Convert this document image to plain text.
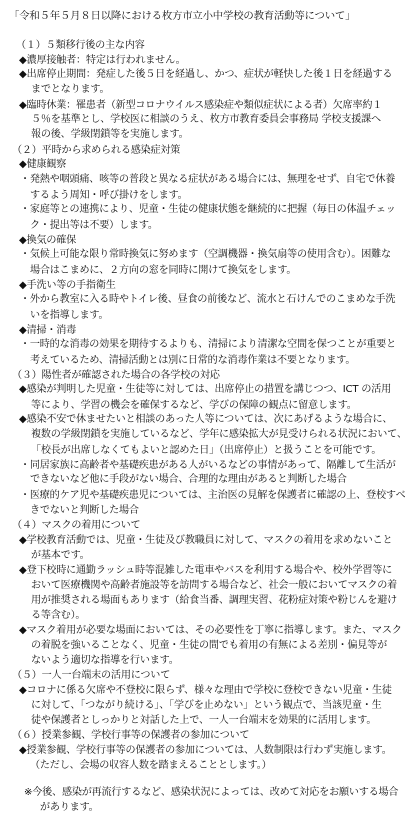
「令和５年５月８日以降における枚方市立小中学校の教育活動等について」
（１）５類移行後の主な内容
◆濃厚接触者：特定は行われません。
◆出席停止期間：発症した後５日を経過し、かつ、症状が軽快した後１日を経過する
までとなります。
◆臨時休業：罹患者（新型コロナウイルス感染症や類似症状による者）欠席率約１
５％を基準とし、学校医に相談のうえ、枚方市教育委員会事務局 学校支援課へ
報の後、学級閉鎖等を実施します。
（２）平時から求められる感染症対策
◆健康観察
・発熱や咽頭痛、咳等の普段と異なる症状がある場合には、無理をせず、自宅で休養
するよう周知・呼び掛けをします。
・家庭等との連携により、児童・生徒の健康状態を継続的に把握（毎日の体温チェッ
ク・提出等は不要）します。
◆換気の確保
・気候上可能な限り常時換気に努めます（空調機器・換気扇等の使用含む）。困難な
場合はこまめに、２方向の窓を同時に開けて換気をします。
◆手洗い等の手指衛生
・外から教室に入る時やトイレ後、昼食の前後など、流水と石けんでのこまめな手洗
いを指導します。
◆清掃・消毒
・一時的な消毒の効果を期待するよりも、清掃により清潔な空間を保つことが重要と
考えているため、清掃活動とは別に日常的な消毒作業は不要となります。
（３）陽性者が確認された場合の各学校の対応
◆感染が判明した児童・生徒等に対しては、出席停止の措置を講じつつ、ICT の活用
等により、学習の機会を確保するなど、学びの保障の観点に留意します。
◆感染不安で休ませたいと相談のあった人等については、次にあげるような場合に、
複数の学級閉鎖を実施しているなど、学年に感染拡大が見受けられる状況において、
「校長が出席しなくてもよいと認めた日」（出席停止）と扱うことを可能です。
・同居家族に高齢者や基礎疾患がある人がいるなどの事情があって、隔離して生活が
できないなど他に手段がない場合、合理的な理由があると判断した場合
・医療的ケア児や基礎疾患児については、主治医の見解を保護者に確認の上、登校すべ
きでないと判断した場合
（４）マスクの着用について
◆学校教育活動では、児童・生徒及び教職員に対して、マスクの着用を求めないこと
が基本です。
◆登下校時に通勤ラッシュ時等混雑した電車やバスを利用する場合や、校外学習等に
おいて医療機関や高齢者施設等を訪問する場合など、社会一般においてマスクの着
用が推奨される場面もあります（給食当番、調理実習、花粉症対策や粉じんを避け
る等含む）。
◆マスク着用が必要な場面においては、その必要性を丁寧に指導します。また、マスク
の着脱を強いることなく、児童・生徒の間でも着用の有無による差別・偏見等が
ないよう適切な指導を行います。
（５）一人一台端末の活用について
◆コロナに係る欠席や不登校に限らず、様々な理由で学校に登校できない児童・生徒
に対して、「つながり続ける」、「学びを止めない」という観点で、当該児童・生
徒や保護者としっかりと対話した上で、一人一台端末を効果的に活用します。
（６）授業参観、学校行事等の保護者の参加について
◆授業参観、学校行事等の保護者の参加については、人数制限は行わず実施します。
（ただし、会場の収容人数を踏まえることとします。）
※今後、感染が再流行するなど、感染状況によっては、改めて対応をお願いする場合
があります。
